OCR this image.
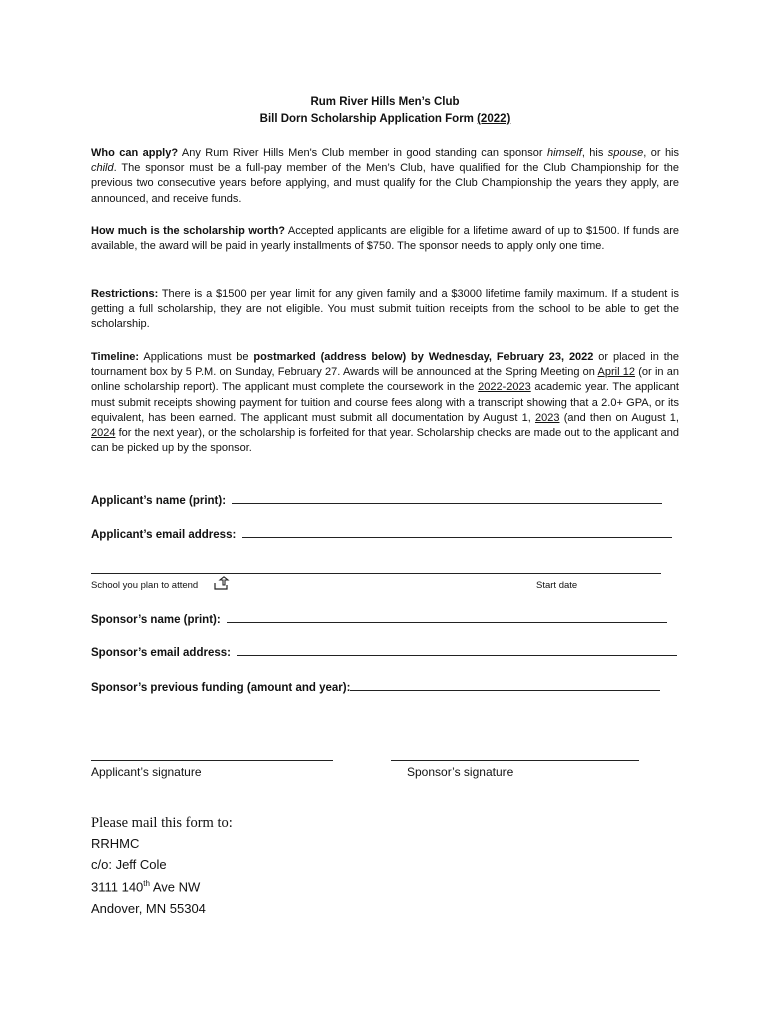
Rum River Hills Men’s Club
Bill Dorn Scholarship Application Form (2022)

Who can apply? Any Rum River Hills Men's Club member in good standing can sponsor himself, his spouse, or his child. The sponsor must be a full-pay member of the Men’s Club, have qualified for the Club Championship for the previous two consecutive years before applying, and must qualify for the Club Championship the years they apply, are announced, and receive funds.

How much is the scholarship worth? Accepted applicants are eligible for a lifetime award of up to $1500. If funds are available, the award will be paid in yearly installments of $750. The sponsor needs to apply only one time.

Restrictions: There is a $1500 per year limit for any given family and a $3000 lifetime family maximum. If a student is getting a full scholarship, they are not eligible. You must submit tuition receipts from the school to be able to get the scholarship.

Timeline: Applications must be postmarked (address below) by Wednesday, February 23, 2022 or placed in the tournament box by 5 P.M. on Sunday, February 27. Awards will be announced at the Spring Meeting on April 12 (or in an online scholarship report). The applicant must complete the coursework in the 2022-2023 academic year. The applicant must submit receipts showing payment for tuition and course fees along with a transcript showing that a 2.0+ GPA, or its equivalent, has been earned. The applicant must submit all documentation by August 1, 2023 (and then on August 1, 2024 for the next year), or the scholarship is forfeited for that year. Scholarship checks are made out to the applicant and can be picked up by the sponsor.

Applicant’s name (print):
Applicant’s email address:
School you plan to attend	Start date
Sponsor’s name (print):
Sponsor’s email address:
Sponsor’s previous funding (amount and year):
Applicant’s signature	Sponsor’s signature
Please mail this form to:
RRHMC
c/o: Jeff Cole
3111 140th Ave NW
Andover, MN 55304
